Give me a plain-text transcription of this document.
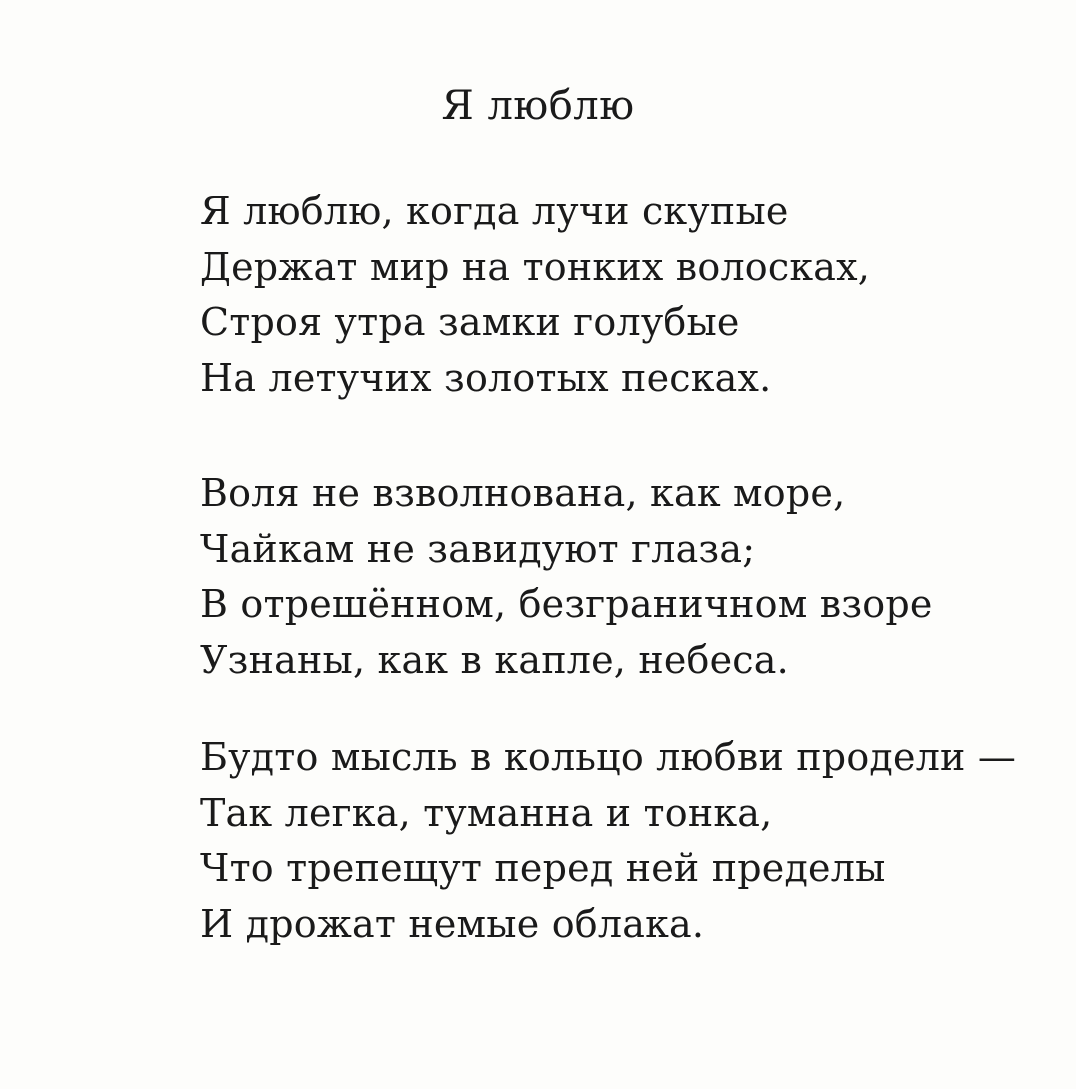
Я люблю
Я люблю, когда лучи скупые
Держат мир на тонких волосках,
Строя утра замки голубые
На летучих золотых песках.
Воля не взволнована, как море,
Чайкам не завидуют глаза;
В отрешённом, безграничном взоре
Узнаны, как в капле, небеса.
Будто мысль в кольцо любви продели —
Так легка, туманна и тонка,
Что трепещут перед ней пределы
И дрожат немые облака.
